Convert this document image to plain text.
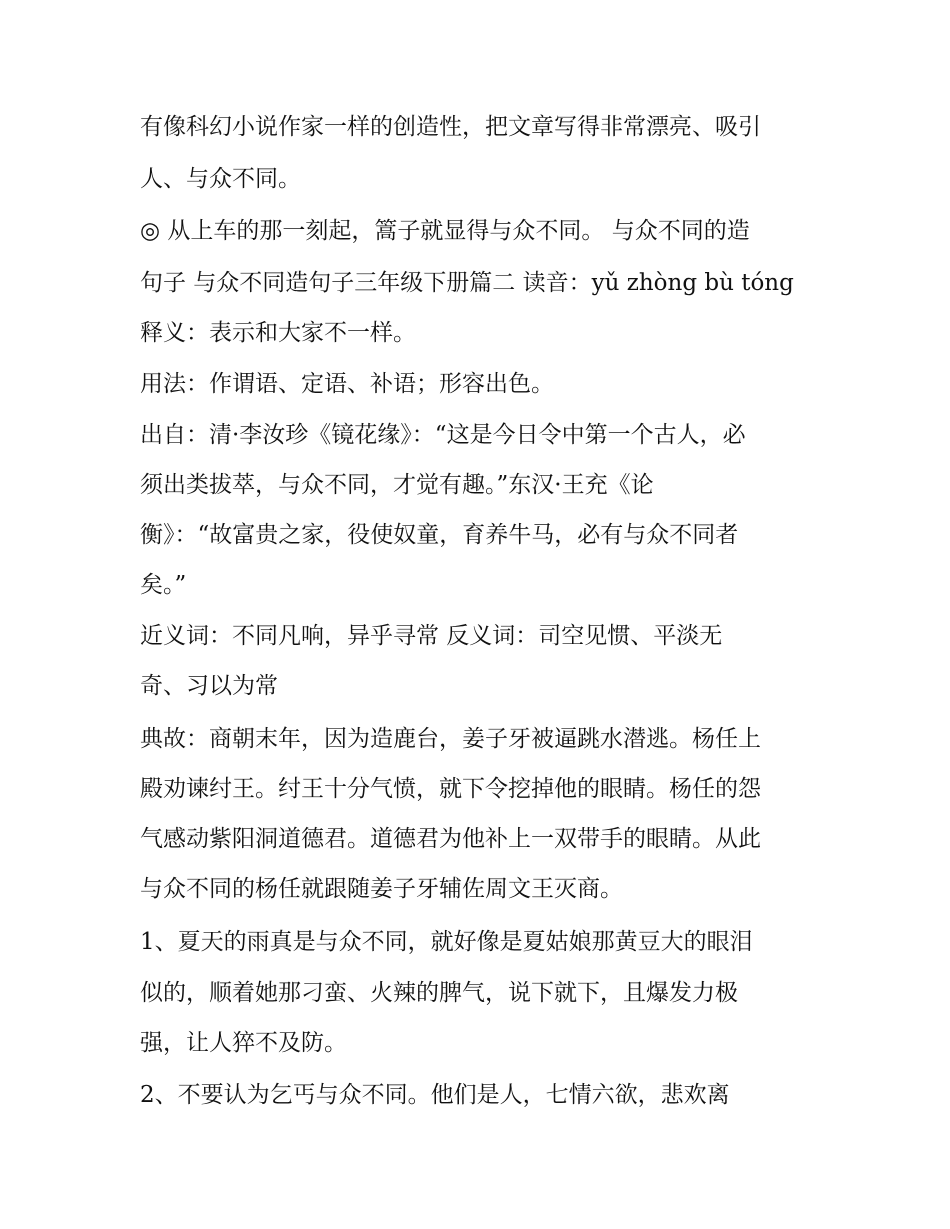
有像科幻小说作家一样的创造性，把文章写得非常漂亮、吸引

人、与众不同。

◎ 从上车的那一刻起，篙子就显得与众不同。 与众不同的造

句子 与众不同造句子三年级下册篇二 读音：yǔ zhòng bù tóng

释义：表示和大家不一样。

用法：作谓语、定语、补语；形容出色。

出自：清·李汝珍《镜花缘》：“这是今日令中第一个古人，必

须出类拔萃，与众不同，才觉有趣。”东汉·王充《论

衡》：“故富贵之家，役使奴童，育养牛马，必有与众不同者

矣。”

近义词：不同凡响，异乎寻常 反义词：司空见惯、平淡无

奇、习以为常

典故：商朝末年，因为造鹿台，姜子牙被逼跳水潜逃。杨任上

殿劝谏纣王。纣王十分气愤，就下令挖掉他的眼睛。杨任的怨

气感动紫阳洞道德君。道德君为他补上一双带手的眼睛。从此

与众不同的杨任就跟随姜子牙辅佐周文王灭商。

1、夏天的雨真是与众不同，就好像是夏姑娘那黄豆大的眼泪

似的，顺着她那刁蛮、火辣的脾气，说下就下，且爆发力极

强，让人猝不及防。

2、不要认为乞丐与众不同。他们是人，七情六欲，悲欢离
